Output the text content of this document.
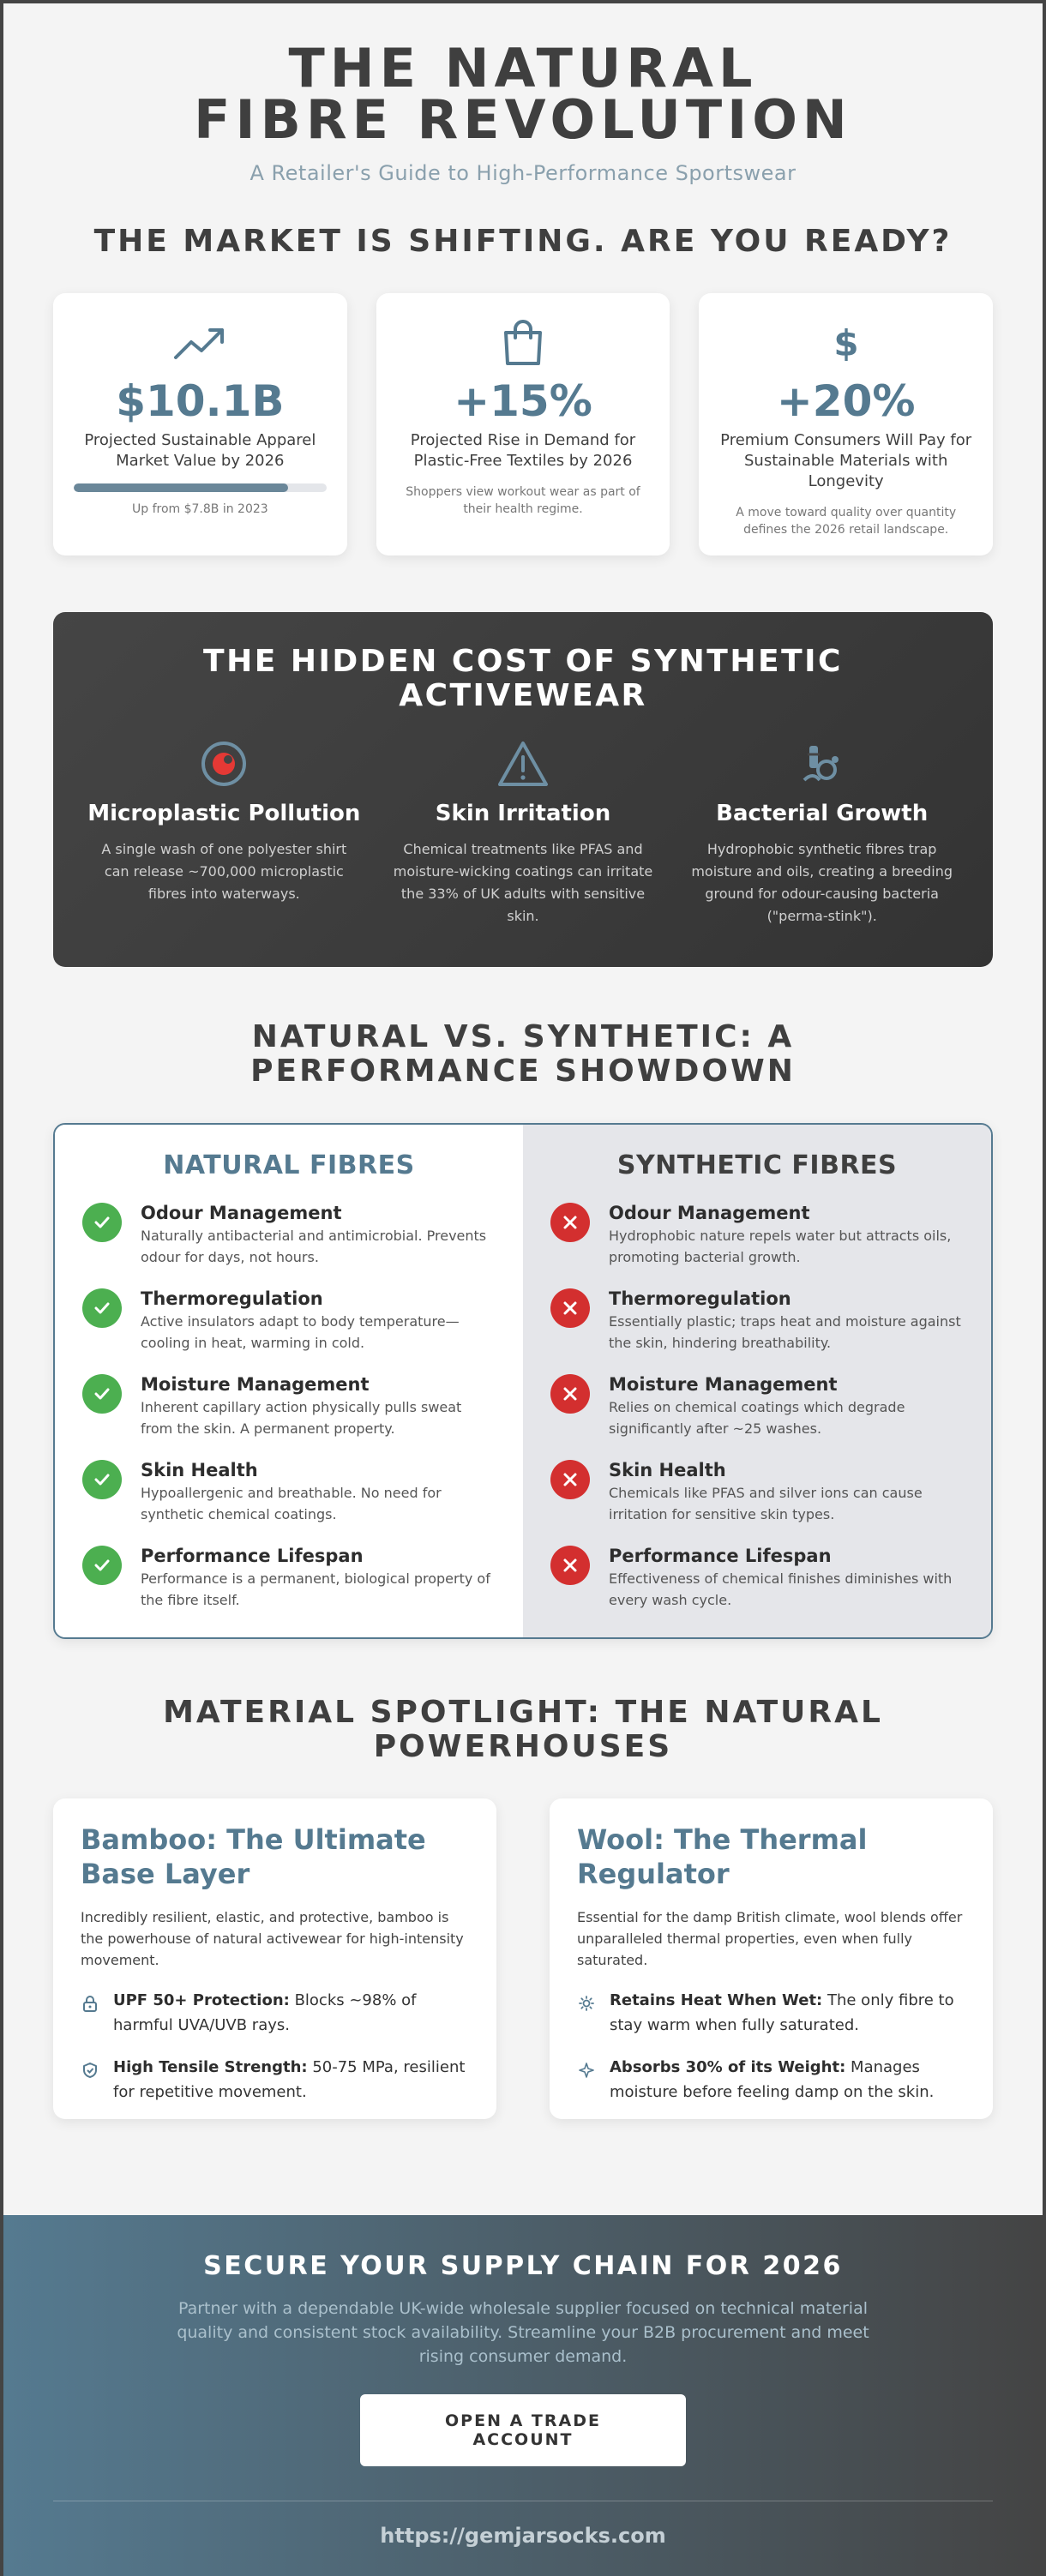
THE NATURAL FIBRE REVOLUTION

A Retailer's Guide to High-Performance Sportswear

THE MARKET IS SHIFTING. ARE YOU READY?
$10.1B
Projected Sustainable Apparel Market Value by 2026
Up from $7.8B in 2023
+15%
Projected Rise in Demand for Plastic-Free Textiles by 2026
Shoppers view workout wear as part of their health regime.
$
+20%
Premium Consumers Will Pay for Sustainable Materials with Longevity
A move toward quality over quantity defines the 2026 retail landscape.
THE HIDDEN COST OF SYNTHETIC ACTIVEWEAR
Microplastic Pollution

A single wash of one polyester shirt can release ~700,000 microplastic fibres into waterways.

Skin Irritation

Chemical treatments like PFAS and moisture-wicking coatings can irritate the 33% of UK adults with sensitive skin.

Bacterial Growth

Hydrophobic synthetic fibres trap moisture and oils, creating a breeding ground for odour-causing bacteria ("perma-stink").

NATURAL VS. SYNTHETIC: A PERFORMANCE SHOWDOWN
NATURAL FIBRES
Odour Management
Naturally antibacterial and antimicrobial. Prevents odour for days, not hours.
Thermoregulation
Active insulators adapt to body temperature—cooling in heat, warming in cold.
Moisture Management
Inherent capillary action physically pulls sweat from the skin. A permanent property.
Skin Health
Hypoallergenic and breathable. No need for synthetic chemical coatings.
Performance Lifespan
Performance is a permanent, biological property of the fibre itself.
SYNTHETIC FIBRES
Odour Management
Hydrophobic nature repels water but attracts oils, promoting bacterial growth.
Thermoregulation
Essentially plastic; traps heat and moisture against the skin, hindering breathability.
Moisture Management
Relies on chemical coatings which degrade significantly after ~25 washes.
Skin Health
Chemicals like PFAS and silver ions can cause irritation for sensitive skin types.
Performance Lifespan
Effectiveness of chemical finishes diminishes with every wash cycle.
MATERIAL SPOTLIGHT: THE NATURAL POWERHOUSES
Bamboo: The Ultimate Base Layer

Incredibly resilient, elastic, and protective, bamboo is the powerhouse of natural activewear for high-intensity movement.

UPF 50+ Protection: Blocks ~98% of harmful UVA/UVB rays.
High Tensile Strength: 50-75 MPa, resilient for repetitive movement.
Wool: The Thermal Regulator

Essential for the damp British climate, wool blends offer unparalleled thermal properties, even when fully saturated.

Retains Heat When Wet: The only fibre to stay warm when fully saturated.
Absorbs 30% of its Weight: Manages moisture before feeling damp on the skin.
SECURE YOUR SUPPLY CHAIN FOR 2026

Partner with a dependable UK-wide wholesale supplier focused on technical material quality and consistent stock availability. Streamline your B2B procurement and meet rising consumer demand.

OPEN A TRADE ACCOUNT
https://gemjarsocks.com
